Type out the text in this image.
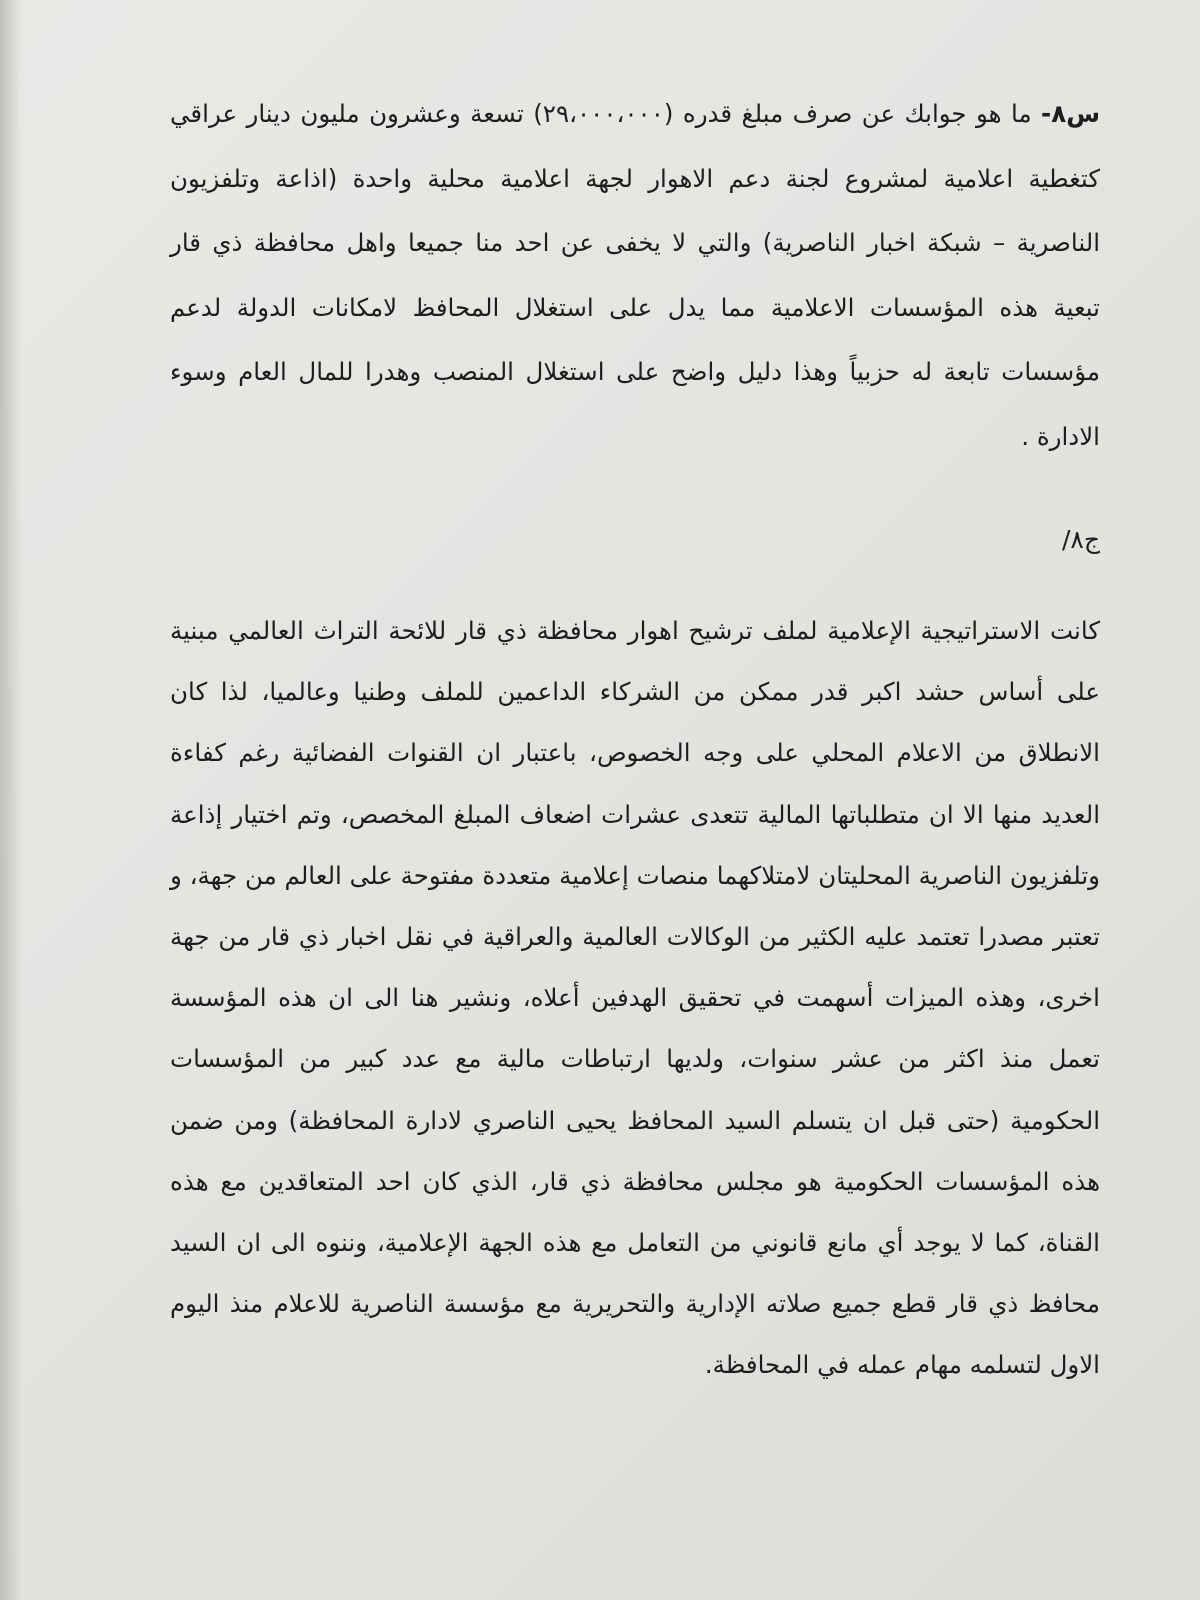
س٨- ما هو جوابك عن صرف مبلغ قدره (٢٩،٠٠٠،٠٠٠) تسعة وعشرون مليون دينار عراقي كتغطية اعلامية لمشروع لجنة دعم الاهوار لجهة اعلامية محلية واحدة (اذاعة وتلفزيون الناصرية – شبكة اخبار الناصرية) والتي لا يخفى عن احد منا جميعا واهل محافظة ذي قار تبعية هذه المؤسسات الاعلامية مما يدل على استغلال المحافظ لامكانات الدولة لدعم مؤسسات تابعة له حزبياً وهذا دليل واضح على استغلال المنصب وهدرا للمال العام وسوء الادارة .

ج٨/

كانت الاستراتيجية الإعلامية لملف ترشيح اهوار محافظة ذي قار للائحة التراث العالمي مبنية على أساس حشد اكبر قدر ممكن من الشركاء الداعمين للملف وطنيا وعالميا، لذا كان الانطلاق من الاعلام المحلي على وجه الخصوص، باعتبار ان القنوات الفضائية رغم كفاءة العديد منها الا ان متطلباتها المالية تتعدى عشرات اضعاف المبلغ المخصص، وتم اختيار إذاعة وتلفزيون الناصرية المحليتان لامتلاكهما منصات إعلامية متعددة مفتوحة على العالم من جهة، و تعتبر مصدرا تعتمد عليه الكثير من الوكالات العالمية والعراقية في نقل اخبار ذي قار من جهة اخرى، وهذه الميزات أسهمت في تحقيق الهدفين أعلاه، ونشير هنا الى ان هذه المؤسسة تعمل منذ اكثر من عشر سنوات، ولديها ارتباطات مالية مع عدد كبير من المؤسسات الحكومية (حتى قبل ان يتسلم السيد المحافظ يحيى الناصري لادارة المحافظة) ومن ضمن هذه المؤسسات الحكومية هو مجلس محافظة ذي قار، الذي كان احد المتعاقدين مع هذه القناة، كما لا يوجد أي مانع قانوني من التعامل مع هذه الجهة الإعلامية، وننوه الى ان السيد محافظ ذي قار قطع جميع صلاته الإدارية والتحريرية مع مؤسسة الناصرية للاعلام منذ اليوم الاول لتسلمه مهام عمله في المحافظة.
